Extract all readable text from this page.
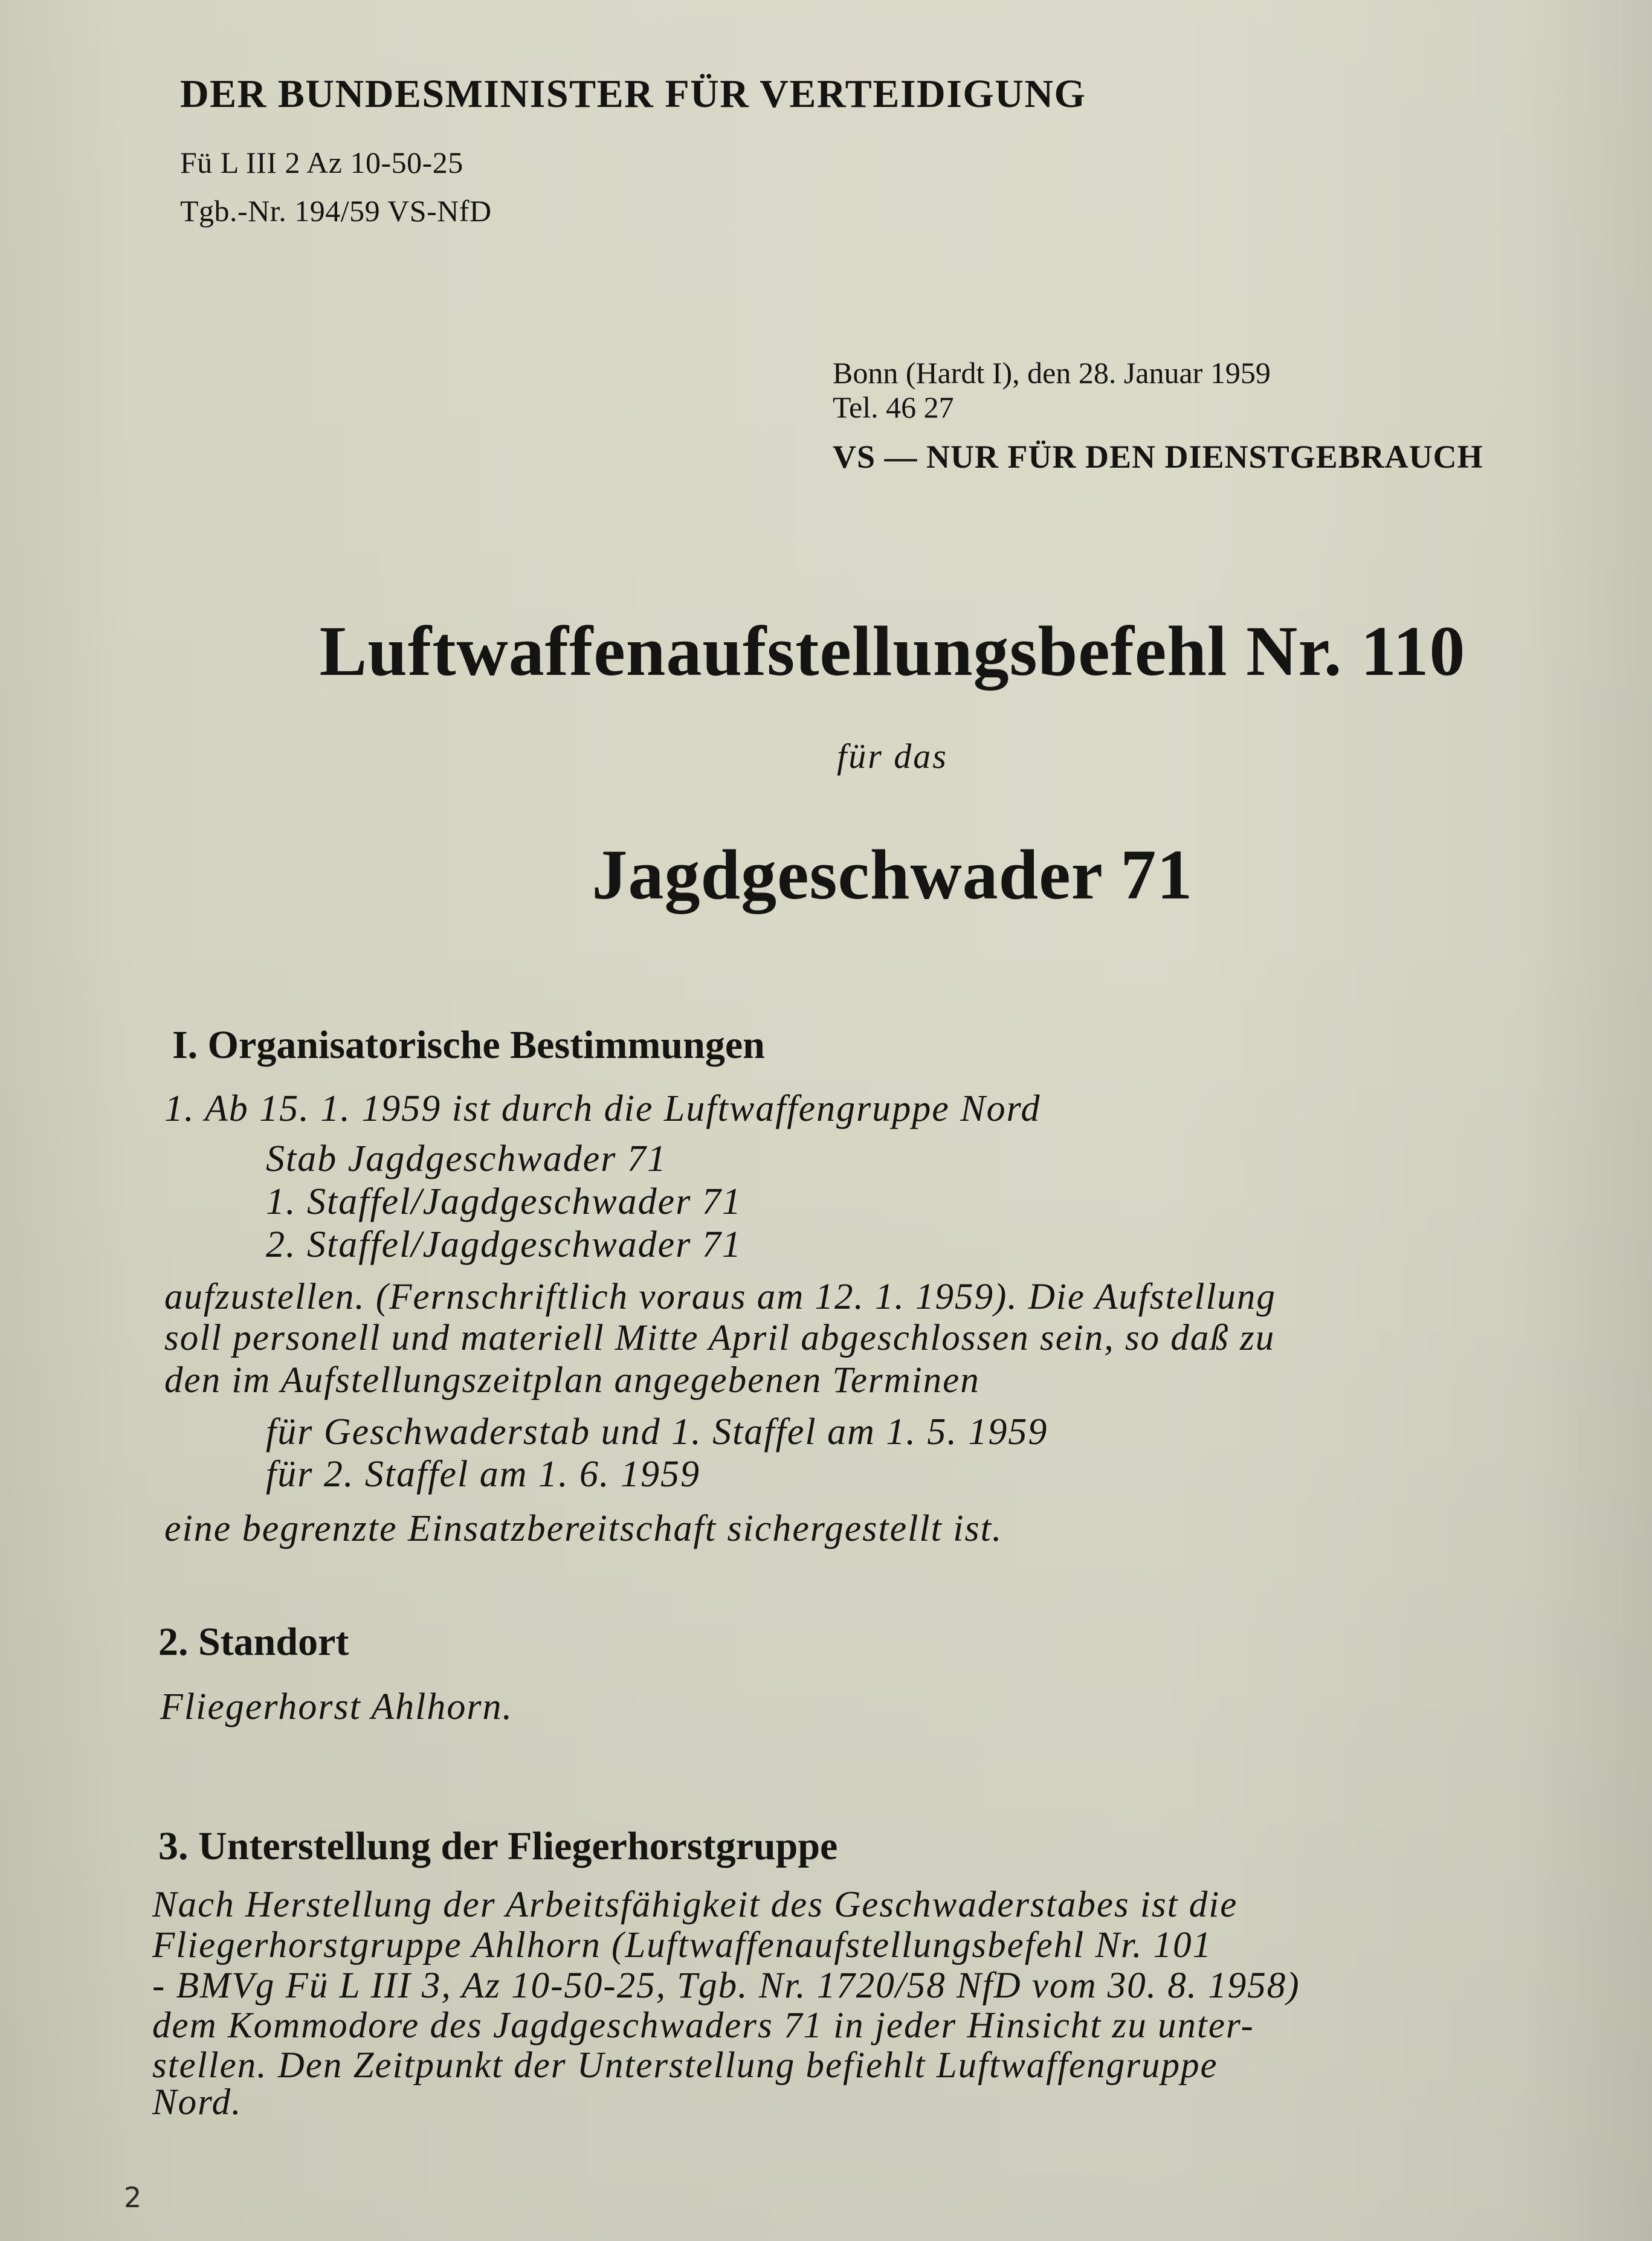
DER BUNDESMINISTER FÜR VERTEIDIGUNG
Fü L III 2 Az 10-50-25
Tgb.-Nr. 194/59 VS-NfD
Bonn (Hardt I), den 28. Januar 1959
Tel. 46 27
VS — NUR FÜR DEN DIENSTGEBRAUCH
Luftwaffenaufstellungsbefehl Nr. 110
für das
Jagdgeschwader 71
I. Organisatorische Bestimmungen
1. Ab 15. 1. 1959 ist durch die Luftwaffengruppe Nord
Stab Jagdgeschwader 71
1. Staffel/Jagdgeschwader 71
2. Staffel/Jagdgeschwader 71
aufzustellen. (Fernschriftlich voraus am 12. 1. 1959). Die Aufstellung
soll personell und materiell Mitte April abgeschlossen sein, so daß zu
den im Aufstellungszeitplan angegebenen Terminen
für Geschwaderstab und 1. Staffel am 1. 5. 1959
für 2. Staffel am 1. 6. 1959
eine begrenzte Einsatzbereitschaft sichergestellt ist.
2. Standort
Fliegerhorst Ahlhorn.
3. Unterstellung der Fliegerhorstgruppe
Nach Herstellung der Arbeitsfähigkeit des Geschwaderstabes ist die
Fliegerhorstgruppe Ahlhorn (Luftwaffenaufstellungsbefehl Nr. 101
- BMVg Fü L III 3, Az 10-50-25, Tgb. Nr. 1720/58 NfD vom 30. 8. 1958)
dem Kommodore des Jagdgeschwaders 71 in jeder Hinsicht zu unter-
stellen. Den Zeitpunkt der Unterstellung befiehlt Luftwaffengruppe
Nord.
2
